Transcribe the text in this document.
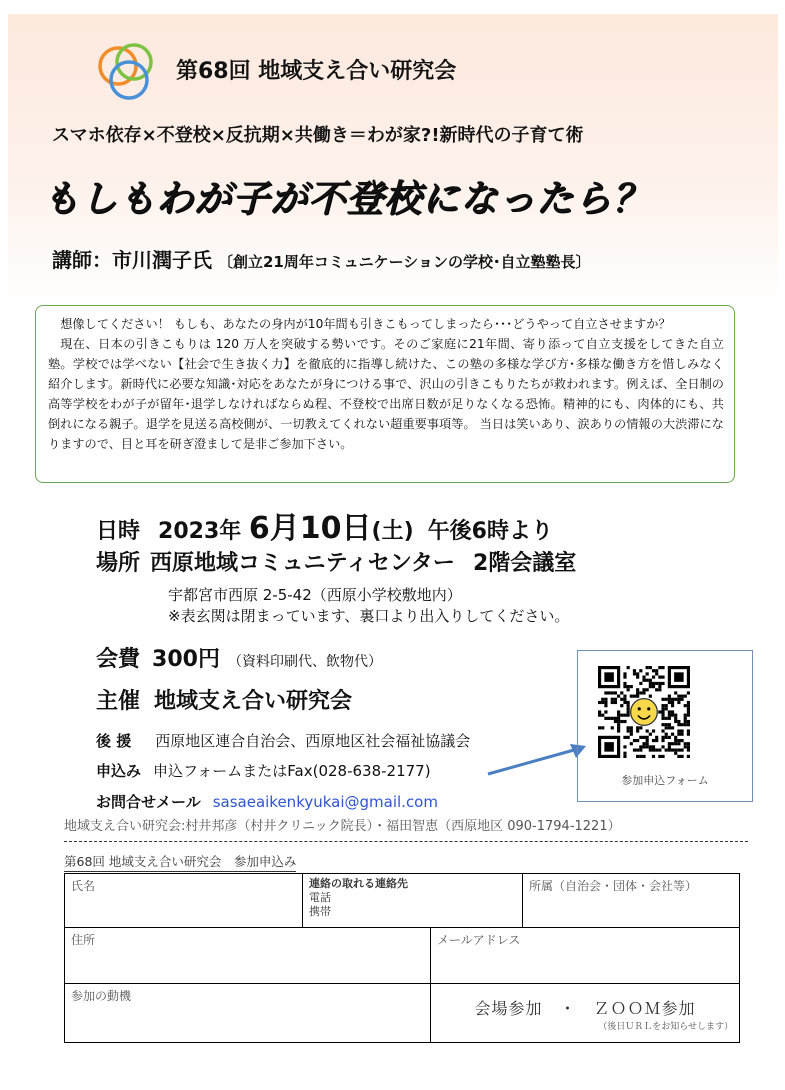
第68回 地域支え合い研究会
スマホ依存×不登校×反抗期×共働き＝わが家?!新時代の子育て術
もしもわが子が不登校になったら？
講師：市川潤子氏 〔創立21周年コミュニケーションの学校･自立塾塾長〕

想像してください！ もしも、あなたの身内が10年間も引きこもってしまったら･･･どうやって自立させますか？

現在、日本の引きこもりは 120 万人を突破する勢いです。そのご家庭に21年間、寄り添って自立支援をしてきた自立塾。学校では学べない【社会で生き抜く力】を徹底的に指導し続けた、この塾の多様な学び方･多様な働き方を惜しみなく紹介します。新時代に必要な知識･対応をあなたが身につける事で、沢山の引きこもりたちが救われます。例えば、全日制の高等学校をわが子が留年･退学しなければならぬ程、不登校で出席日数が足りなくなる恐怖。精神的にも、肉体的にも、共倒れになる親子。退学を見送る高校側が、一切教えてくれない超重要事項等。 当日は笑いあり、涙ありの情報の大渋滞になりますので、目と耳を研ぎ澄まして是非ご参加下さい。

日時 2023年 6月10日(土) 午後6時より
場所 西原地域コミュニティセンター 2階会議室
宇都宮市西原 2-5-42（西原小学校敷地内）
※表玄関は閉まっています、裏口より出入りしてください。
会費 300円 （資料印刷代、飲物代）
主催 地域支え合い研究会
後 援 西原地区連合自治会、西原地区社会福祉協議会
申込み 申込フォームまたはFax(028-638-2177)
お問合せメール sasaeaikenkyukai@gmail.com
地域支え合い研究会:村井邦彦（村井クリニック院長）・福田智恵（西原地区 090-1794-1221）
参加申込フォーム
第68回 地域支え合い研究会　参加申込み
氏名	連絡の取れる連絡先
電話
携帯
所属（自治会・団体・会社等）
住所	メールアドレス
参加の動機
会場参加　・　ＺＯＯＭ参加
（後日ＵＲＬをお知らせします）
